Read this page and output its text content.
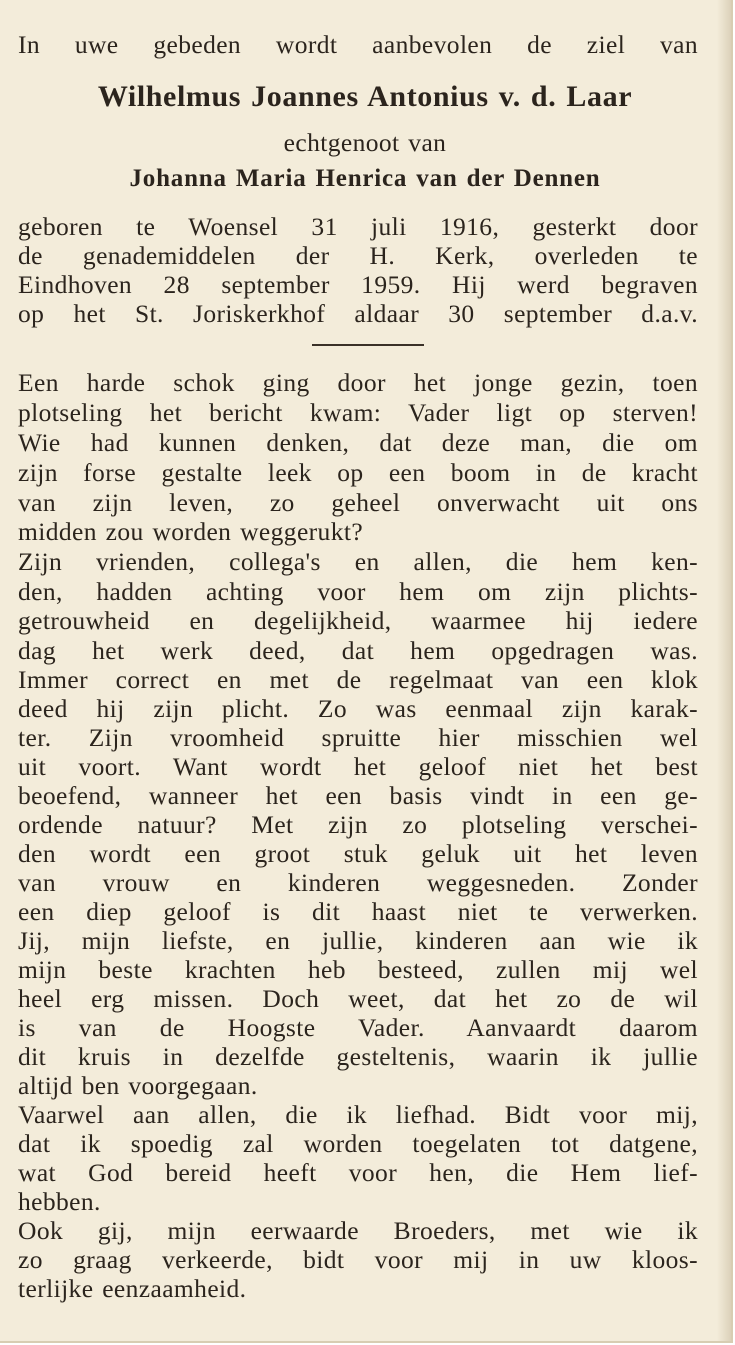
In uwe gebeden wordt aanbevolen de ziel van
Wilhelmus Joannes Antonius v. d. Laar
echtgenoot van
Johanna Maria Henrica van der Dennen
geboren te Woensel 31 juli 1916, gesterkt door
de genademiddelen der H. Kerk, overleden te
Eindhoven 28 september 1959. Hij werd begraven
op het St. Joriskerkhof aldaar 30 september d.a.v.
Een harde schok ging door het jonge gezin, toen
plotseling het bericht kwam: Vader ligt op sterven!
Wie had kunnen denken, dat deze man, die om
zijn forse gestalte leek op een boom in de kracht
van zijn leven, zo geheel onverwacht uit ons
midden zou worden weggerukt?
Zijn vrienden, collega's en allen, die hem ken-
den, hadden achting voor hem om zijn plichts-
getrouwheid en degelijkheid, waarmee hij iedere
dag het werk deed, dat hem opgedragen was.
Immer correct en met de regelmaat van een klok
deed hij zijn plicht. Zo was eenmaal zijn karak-
ter. Zijn vroomheid spruitte hier misschien wel
uit voort. Want wordt het geloof niet het best
beoefend, wanneer het een basis vindt in een ge-
ordende natuur? Met zijn zo plotseling verschei-
den wordt een groot stuk geluk uit het leven
van vrouw en kinderen weggesneden. Zonder
een diep geloof is dit haast niet te verwerken.
Jij, mijn liefste, en jullie, kinderen aan wie ik
mijn beste krachten heb besteed, zullen mij wel
heel erg missen. Doch weet, dat het zo de wil
is van de Hoogste Vader. Aanvaardt daarom
dit kruis in dezelfde gesteltenis, waarin ik jullie
altijd ben voorgegaan.
Vaarwel aan allen, die ik liefhad. Bidt voor mij,
dat ik spoedig zal worden toegelaten tot datgene,
wat God bereid heeft voor hen, die Hem lief-
hebben.
Ook gij, mijn eerwaarde Broeders, met wie ik
zo graag verkeerde, bidt voor mij in uw kloos-
terlijke eenzaamheid.
